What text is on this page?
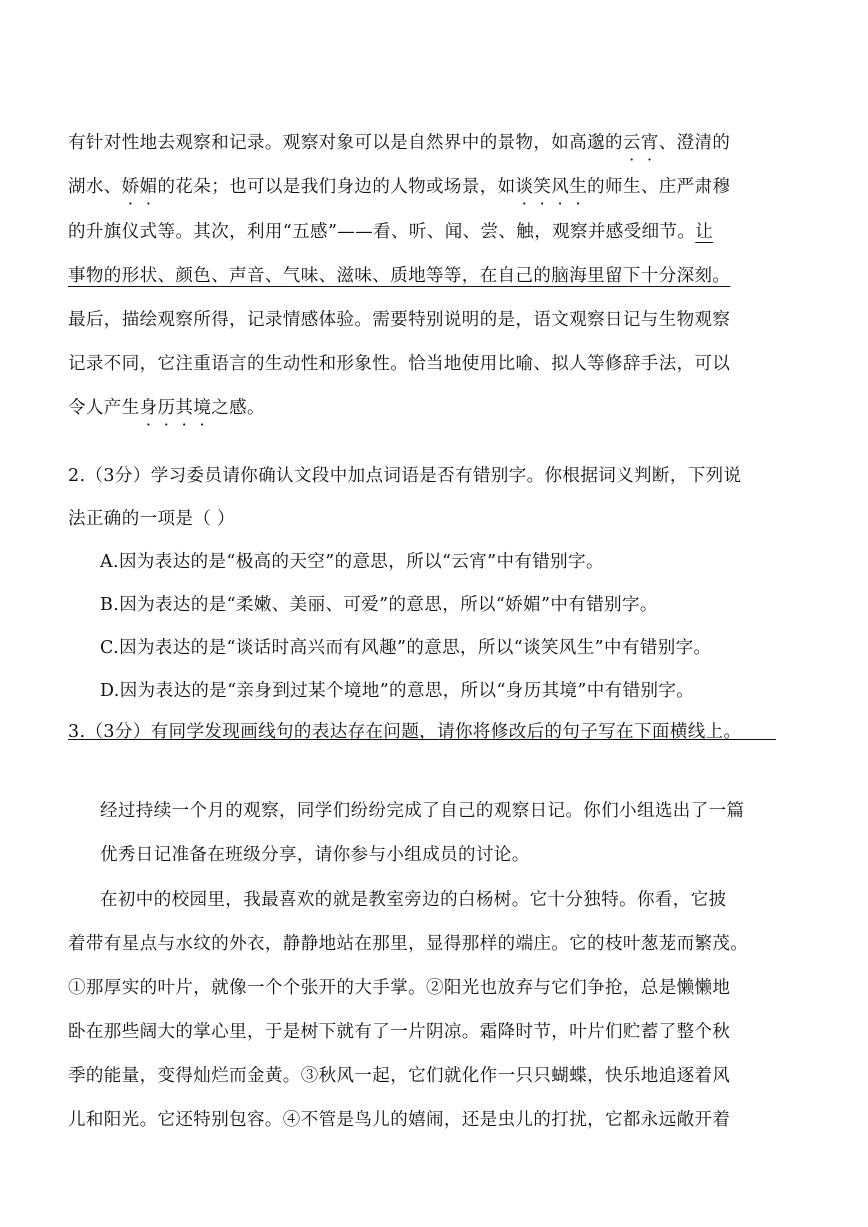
有针对性地去观察和记录。观察对象可以是自然界中的景物，如高邈的云宵、澄清的
湖水、娇媚的花朵；也可以是我们身边的人物或场景，如谈笑风生的师生、庄严肃穆
的升旗仪式等。其次，利用“五感”——看、听、闻、尝、触，观察并感受细节。让
事物的形状、颜色、声音、气味、滋味、质地等等，在自己的脑海里留下十分深刻。
最后，描绘观察所得，记录情感体验。需要特别说明的是，语文观察日记与生物观察
记录不同，它注重语言的生动性和形象性。恰当地使用比喻、拟人等修辞手法，可以
令人产生身历其境之感。
2.（3分）学习委员请你确认文段中加点词语是否有错别字。你根据词义判断，下列说
法正确的一项是（ ）
A.因为表达的是“极高的天空”的意思，所以“云宵”中有错别字。
B.因为表达的是“柔嫩、美丽、可爱”的意思，所以“娇媚”中有错别字。
C.因为表达的是“谈话时高兴而有风趣”的意思，所以“谈笑风生”中有错别字。
D.因为表达的是“亲身到过某个境地”的意思，所以“身历其境”中有错别字。
3.（3分）有同学发现画线句的表达存在问题，请你将修改后的句子写在下面横线上。
经过持续一个月的观察，同学们纷纷完成了自己的观察日记。你们小组选出了一篇
优秀日记准备在班级分享，请你参与小组成员的讨论。
在初中的校园里，我最喜欢的就是教室旁边的白杨树。它十分独特。你看，它披
着带有星点与水纹的外衣，静静地站在那里，显得那样的端庄。它的枝叶葱茏而繁茂。
①那厚实的叶片，就像一个个张开的大手掌。②阳光也放弃与它们争抢，总是懒懒地
卧在那些阔大的掌心里，于是树下就有了一片阴凉。霜降时节，叶片们贮蓄了整个秋
季的能量，变得灿烂而金黄。③秋风一起，它们就化作一只只蝴蝶，快乐地追逐着风
儿和阳光。它还特别包容。④不管是鸟儿的嬉闹，还是虫儿的打扰，它都永远敞开着
